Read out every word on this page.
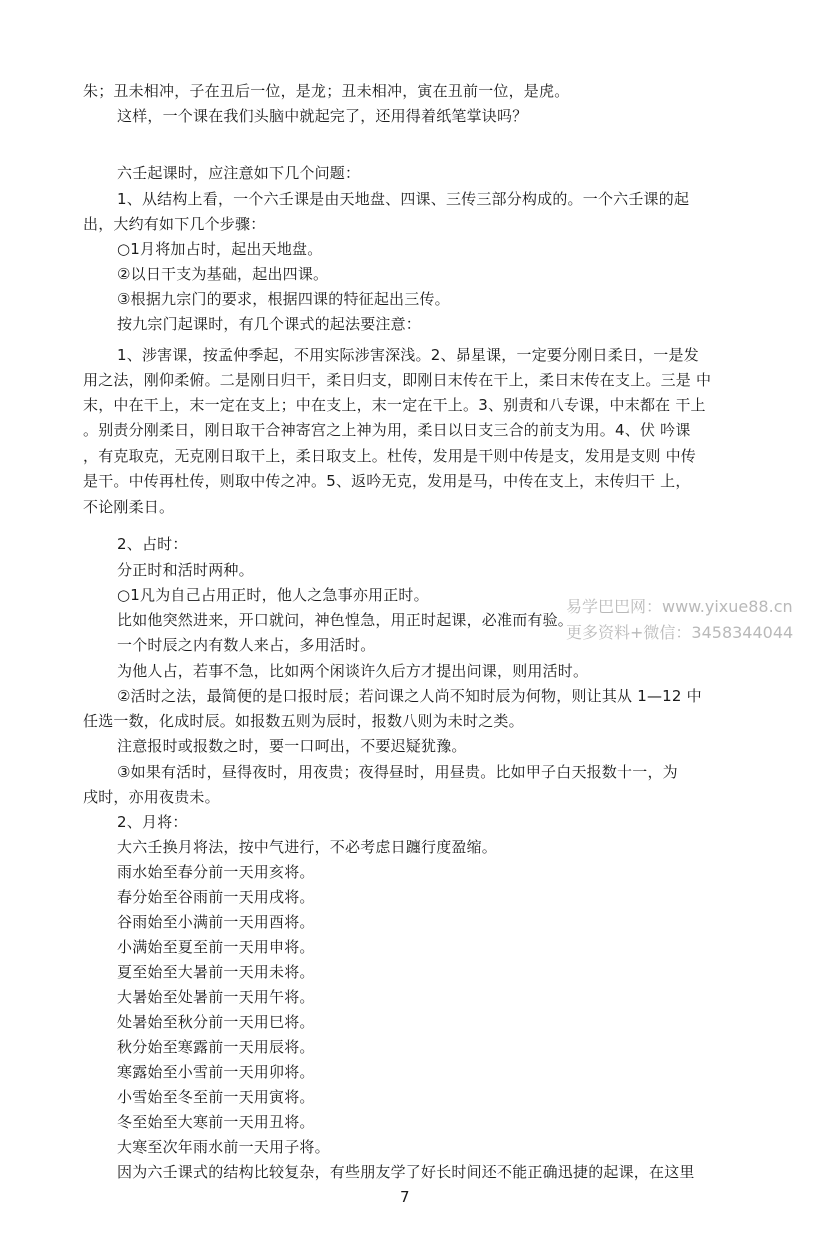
朱；丑未相冲，子在丑后一位，是龙；丑未相冲，寅在丑前一位，是虎。
这样，一个课在我们头脑中就起完了，还用得着纸笔掌诀吗？
六壬起课时，应注意如下几个问题：
1、从结构上看，一个六壬课是由天地盘、四课、三传三部分构成的。一个六壬课的起
出，大约有如下几个步骤：
○1月将加占时，起出天地盘。
②以日干支为基础，起出四课。
③根据九宗门的要求，根据四课的特征起出三传。
按九宗门起课时，有几个课式的起法要注意：
1、涉害课，按孟仲季起，不用实际涉害深浅。2、昴星课，一定要分刚日柔日，一是发
用之法，刚仰柔俯。二是刚日归干，柔日归支，即刚日末传在干上，柔日末传在支上。三是 中
末，中在干上，末一定在支上；中在支上，末一定在干上。3、别责和八专课，中末都在 干上
。别责分刚柔日，刚日取干合神寄宫之上神为用，柔日以日支三合的前支为用。4、伏 吟课
，有克取克，无克刚日取干上，柔日取支上。杜传，发用是干则中传是支，发用是支则 中传
是干。中传再杜传，则取中传之冲。5、返吟无克，发用是马，中传在支上，末传归干 上，
不论刚柔日。
2、占时：
分正时和活时两种。
○1凡为自己占用正时，他人之急事亦用正时。
比如他突然进来，开口就问，神色惶急，用正时起课，必准而有验。
一个时辰之内有数人来占，多用活时。
为他人占，若事不急，比如两个闲谈许久后方才提出问课，则用活时。
②活时之法，最简便的是口报时辰；若问课之人尚不知时辰为何物，则让其从 1—12 中
任选一数，化成时辰。如报数五则为辰时，报数八则为未时之类。
注意报时或报数之时，要一口呵出，不要迟疑犹豫。
③如果有活时，昼得夜时，用夜贵；夜得昼时，用昼贵。比如甲子白天报数十一，为
戌时，亦用夜贵未。
2、月将：
大六壬换月将法，按中气进行，不必考虑日躔行度盈缩。
雨水始至春分前一天用亥将。
春分始至谷雨前一天用戌将。
谷雨始至小满前一天用酉将。
小满始至夏至前一天用申将。
夏至始至大暑前一天用未将。
大暑始至处暑前一天用午将。
处暑始至秋分前一天用巳将。
秋分始至寒露前一天用辰将。
寒露始至小雪前一天用卯将。
小雪始至冬至前一天用寅将。
冬至始至大寒前一天用丑将。
大寒至次年雨水前一天用子将。
因为六壬课式的结构比较复杂，有些朋友学了好长时间还不能正确迅捷的起课，在这里
易学巴巴网：www.yixue88.cn
更多资料+微信：3458344044
7
